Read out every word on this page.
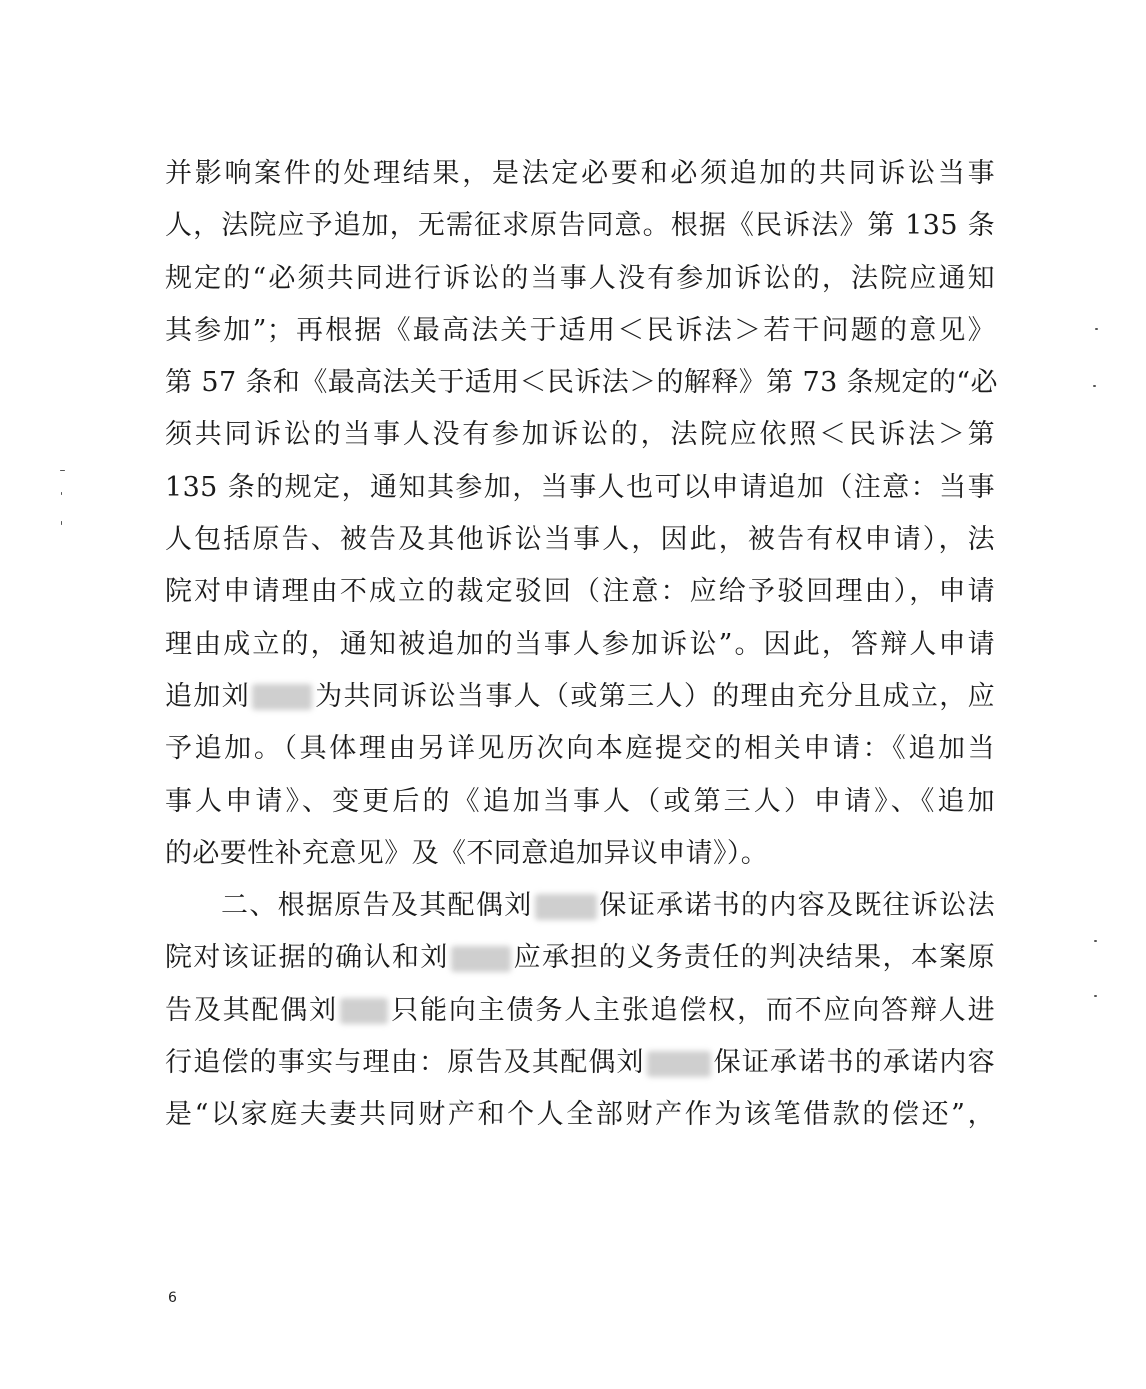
并影响案件的处理结果，是法定必要和必须追加的共同诉讼当事
人，法院应予追加，无需征求原告同意。根据《民诉法》第 135 条
规定的“必须共同进行诉讼的当事人没有参加诉讼的，法院应通知
其参加”；再根据《最高法关于适用＜民诉法＞若干问题的意见》
第 57 条和《最高法关于适用＜民诉法＞的解释》第 73 条规定的“必
须共同诉讼的当事人没有参加诉讼的，法院应依照＜民诉法＞第
135 条的规定，通知其参加，当事人也可以申请追加（注意：当事
人包括原告、被告及其他诉讼当事人，因此，被告有权申请），法
院对申请理由不成立的裁定驳回（注意：应给予驳回理由），申请
理由成立的，通知被追加的当事人参加诉讼”。因此，答辩人申请
追加刘 为共同诉讼当事人（或第三人）的理由充分且成立，应
予追加。（具体理由另详见历次向本庭提交的相关申请：《追加当
事人申请》、变更后的《追加当事人（或第三人）申请》、《追加
的必要性补充意见》及《不同意追加异议申请》）。
二、根据原告及其配偶刘 保证承诺书的内容及既往诉讼法
院对该证据的确认和刘 应承担的义务责任的判决结果，本案原
告及其配偶刘 只能向主债务人主张追偿权，而不应向答辩人进
行追偿的事实与理由：原告及其配偶刘	保证承诺书的承诺内容
是“以家庭夫妻共同财产和个人全部财产作为该笔借款的偿还”，
6
